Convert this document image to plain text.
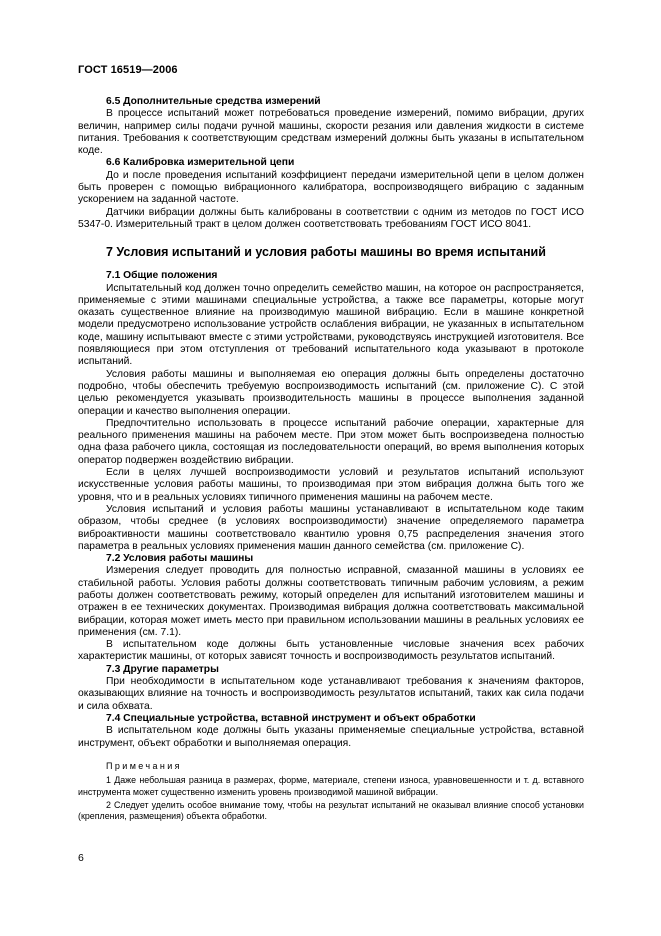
ГОСТ 16519—2006
6.5 Дополнительные средства измерений

В процессе испытаний может потребоваться проведение измерений, помимо вибрации, других величин, например силы подачи ручной машины, скорости резания или давления жидкости в системе питания. Требования к соответствующим средствам измерений должны быть указаны в испытательном коде.

6.6 Калибровка измерительной цепи

До и после проведения испытаний коэффициент передачи измерительной цепи в целом должен быть проверен с помощью вибрационного калибратора, воспроизводящего вибрацию с заданным ускорением на заданной частоте.

Датчики вибрации должны быть калиброваны в соответствии с одним из методов по ГОСТ ИСО 5347-0. Измерительный тракт в целом должен соответствовать требованиям ГОСТ ИСО 8041.

7 Условия испытаний и условия работы машины во время испытаний
7.1 Общие положения

Испытательный код должен точно определить семейство машин, на которое он распространяется, применяемые с этими машинами специальные устройства, а также все параметры, которые могут оказать существенное влияние на производимую машиной вибрацию. Если в машине конкретной модели предусмотрено использование устройств ослабления вибрации, не указанных в испытательном коде, машину испытывают вместе с этими устройствами, руководствуясь инструкцией изготовителя. Все появляющиеся при этом отступления от требований испытательного кода указывают в протоколе испытаний.

Условия работы машины и выполняемая ею операция должны быть определены достаточно подробно, чтобы обеспечить требуемую воспроизводимость испытаний (см. приложение С). С этой целью рекомендуется указывать производительность машины в процессе выполнения заданной операции и качество выполнения операции.

Предпочтительно использовать в процессе испытаний рабочие операции, характерные для реального применения машины на рабочем месте. При этом может быть воспроизведена полностью одна фаза рабочего цикла, состоящая из последовательности операций, во время выполнения которых оператор подвержен воздействию вибрации.

Если в целях лучшей воспроизводимости условий и результатов испытаний используют искусственные условия работы машины, то производимая при этом вибрация должна быть того же уровня, что и в реальных условиях типичного применения машины на рабочем месте.

Условия испытаний и условия работы машины устанавливают в испытательном коде таким образом, чтобы среднее (в условиях воспроизводимости) значение определяемого параметра виброактивности машины соответствовало квантилю уровня 0,75 распределения значения этого параметра в реальных условиях применения машин данного семейства (см. приложение С).

7.2 Условия работы машины

Измерения следует проводить для полностью исправной, смазанной машины в условиях ее стабильной работы. Условия работы должны соответствовать типичным рабочим условиям, а режим работы должен соответствовать режиму, который определен для испытаний изготовителем машины и отражен в ее технических документах. Производимая вибрация должна соответствовать максимальной вибрации, которая может иметь место при правильном использовании машины в реальных условиях ее применения (см. 7.1).

В испытательном коде должны быть установленные числовые значения всех рабочих характеристик машины, от которых зависят точность и воспроизводимость результатов испытаний.

7.3 Другие параметры

При необходимости в испытательном коде устанавливают требования к значениям факторов, оказывающих влияние на точность и воспроизводимость результатов испытаний, таких как сила подачи и сила обхвата.

7.4 Специальные устройства, вставной инструмент и объект обработки

В испытательном коде должны быть указаны применяемые специальные устройства, вставной инструмент, объект обработки и выполняемая операция.

Примечания
1 Даже небольшая разница в размерах, форме, материале, степени износа, уравновешенности и т. д. вставного инструмента может существенно изменить уровень производимой машиной вибрации.
2 Следует уделить особое внимание тому, чтобы на результат испытаний не оказывал влияние способ установки (крепления, размещения) объекта обработки.
6
